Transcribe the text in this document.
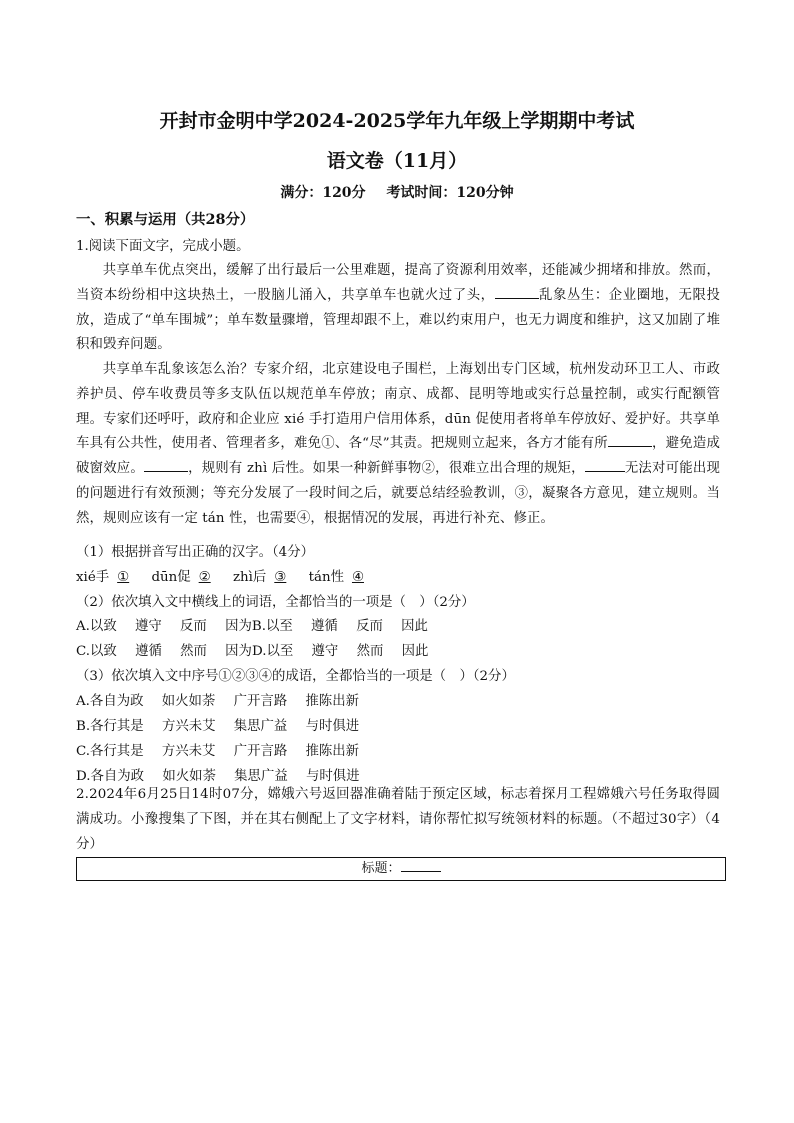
开封市金明中学2024-2025学年九年级上学期期中考试
语文卷（11月）
满分：120分 考试时间：120分钟
一、积累与运用（共28分）
1.阅读下面文字，完成小题。
共享单车优点突出，缓解了出行最后一公里难题，提高了资源利用效率，还能减少拥堵和排放。然而，当资本纷纷相中这块热土，一股脑儿涌入，共享单车也就火过了头，	乱象丛生：企业圈地，无限投放，造成了“单车围城”；单车数量骤增，管理却跟不上，难以约束用户，也无力调度和维护，这又加剧了堆积和毁弃问题。
共享单车乱象该怎么治？专家介绍，北京建设电子围栏，上海划出专门区域，杭州发动环卫工人、市政养护员、停车收费员等多支队伍以规范单车停放；南京、成都、昆明等地或实行总量控制，或实行配额管理。专家们还呼吁，政府和企业应 xié 手打造用户信用体系，dūn 促使用者将单车停放好、爱护好。共享单车具有公共性，使用者、管理者多，难免①、各“尽”其责。把规则立起来，各方才能有所	，避免造成破窗效应。	，规则有 zhì 后性。如果一种新鲜事物②，很难立出合理的规矩，	无法对可能出现的问题进行有效预测；等充分发展了一段时间之后，就要总结经验教训，③，凝聚各方意见，建立规则。当然，规则应该有一定 tán 性，也需要④，根据情况的发展，再进行补充、修正。
（1）根据拼音写出正确的汉字。（4分）
xié手 ① dūn促 ② zhì后 ③ tán性 ④
（2）依次填入文中横线上的词语，全都恰当的一项是（　）（2分）
A.以致 遵守 反而 因为B.以至 遵循 反而 因此
C.以致 遵循 然而 因为D.以至 遵守 然而 因此
（3）依次填入文中序号①②③④的成语，全都恰当的一项是（　）（2分）
A.各自为政 如火如荼 广开言路 推陈出新
B.各行其是 方兴未艾 集思广益 与时俱进
C.各行其是 方兴未艾 广开言路 推陈出新
D.各自为政 如火如荼 集思广益 与时俱进
2.2024年6月25日14时07分，嫦娥六号返回器准确着陆于预定区域，标志着探月工程嫦娥六号任务取得圆满成功。小豫搜集了下图，并在其右侧配上了文字材料，请你帮忙拟写统领材料的标题。（不超过30字）（4分）
标题：
